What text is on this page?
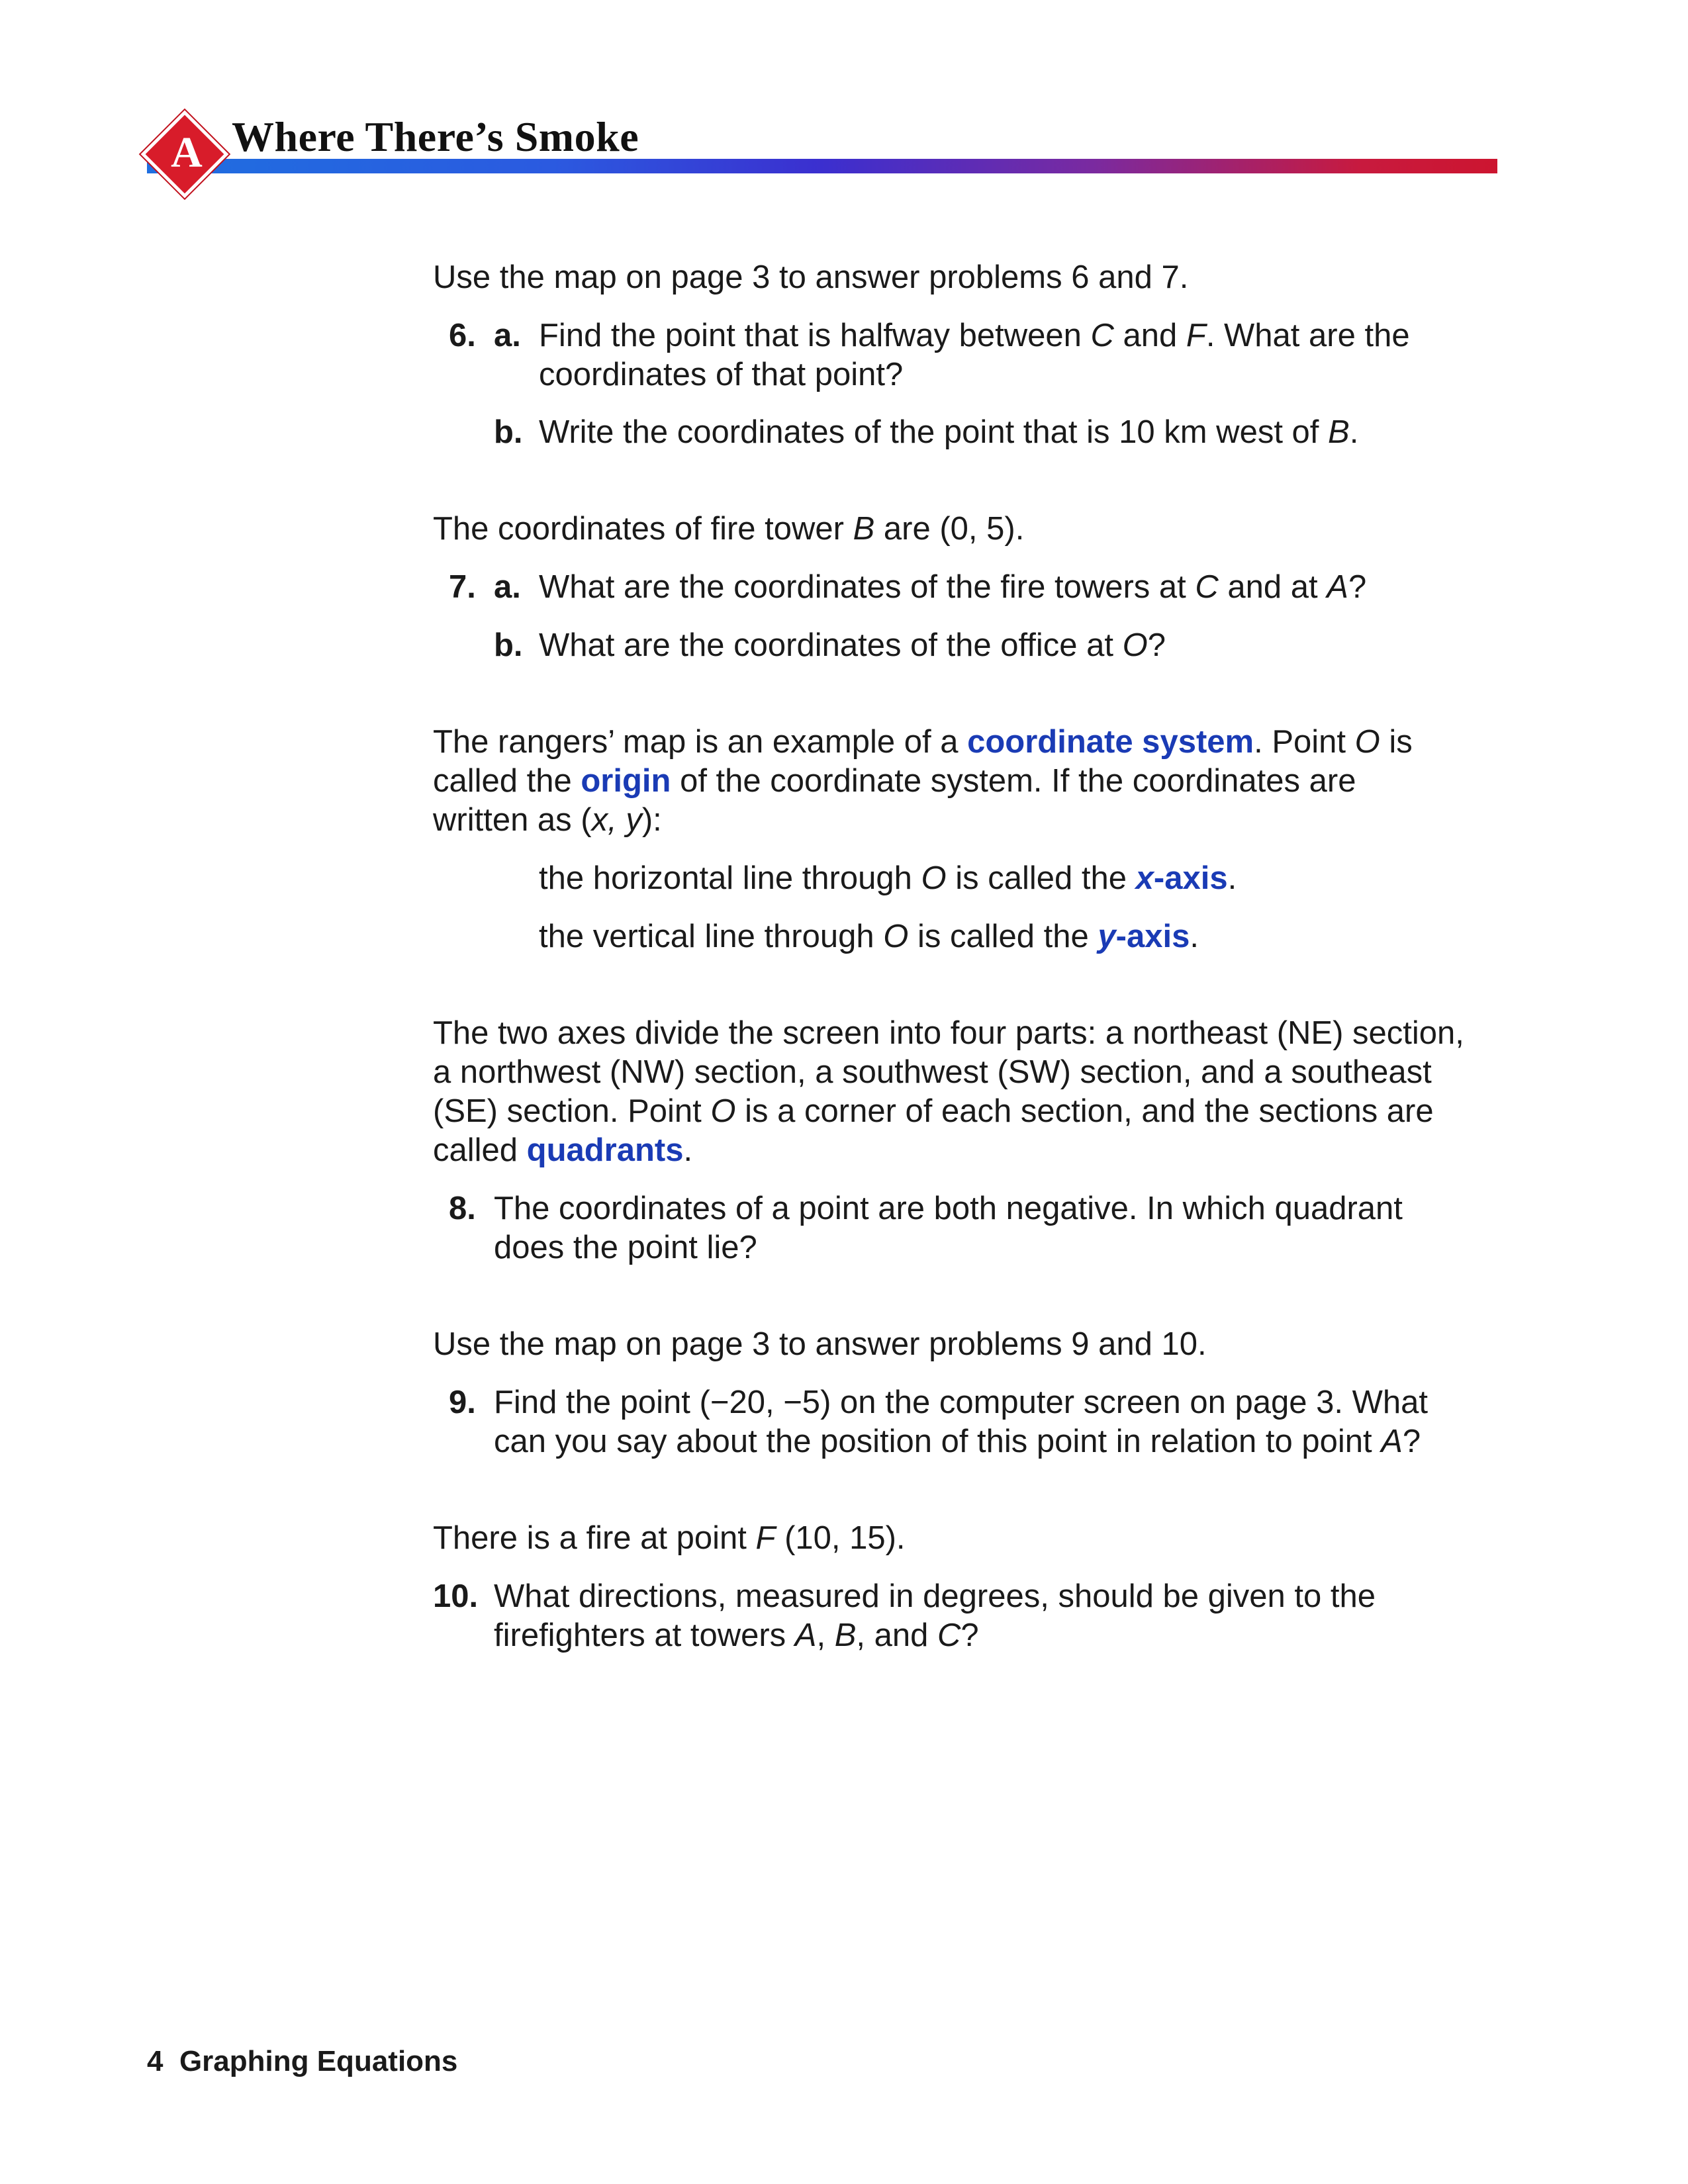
A Where There’s Smoke

Use the map on page 3 to answer problems 6 and 7.

6. a. Find the point that is halfway between C and F. What are the

coordinates of that point?

b. Write the coordinates of the point that is 10 km west of B.

The coordinates of fire tower B are (0, 5).

7. a. What are the coordinates of the fire towers at C and at A?

b. What are the coordinates of the office at O?

The rangers’ map is an example of a coordinate system. Point O is

called the origin of the coordinate system. If the coordinates are

written as (x, y):

the horizontal line through O is called the x-axis.

the vertical line through O is called the y-axis.

The two axes divide the screen into four parts: a northeast (NE) section,

a northwest (NW) section, a southwest (SW) section, and a southeast

(SE) section. Point O is a corner of each section, and the sections are

called quadrants.

8. The coordinates of a point are both negative. In which quadrant

does the point lie?

Use the map on page 3 to answer problems 9 and 10.

9. Find the point (−20, −5) on the computer screen on page 3. What

can you say about the position of this point in relation to point A?

There is a fire at point F (10, 15).

10. What directions, measured in degrees, should be given to the

firefighters at towers A, B, and C?

4 Graphing Equations
